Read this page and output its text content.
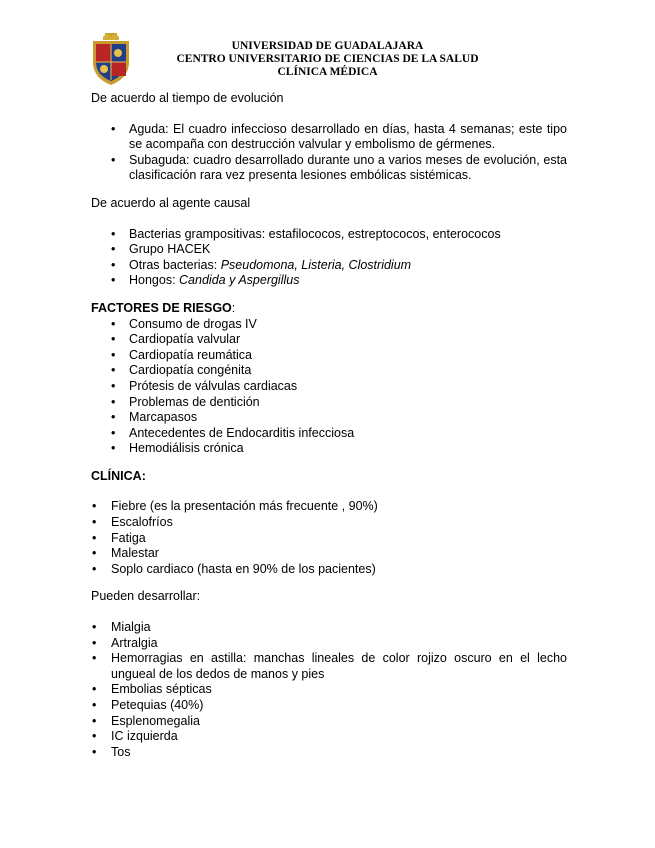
UNIVERSIDAD DE GUADALAJARA
CENTRO UNIVERSITARIO DE CIENCIAS DE LA SALUD
CLÍNICA MÉDICA

De acuerdo al tiempo de evolución

• Aguda: El cuadro infeccioso desarrollado en días, hasta 4 semanas; este tipo se acompaña con destrucción valvular y embolismo de gérmenes.
• Subaguda: cuadro desarrollado durante uno a varios meses de evolución, esta clasificación rara vez presenta lesiones embólicas sistémicas.

De acuerdo al agente causal

• Bacterias grampositivas: estafilococos, estreptococos, enterococos
• Grupo HACEK
• Otras bacterias: Pseudomona, Listeria, Clostridium
• Hongos: Candida y Aspergillus

FACTORES DE RIESGO:

• Consumo de drogas IV
• Cardiopatía valvular
• Cardiopatía reumática
• Cardiopatía congénita
• Prótesis de válvulas cardiacas
• Problemas de dentición
• Marcapasos
• Antecedentes de Endocarditis infecciosa
• Hemodiálisis crónica

CLÍNICA:

• Fiebre (es la presentación más frecuente , 90%)
• Escalofríos
• Fatiga
• Malestar
• Soplo cardiaco (hasta en 90% de los pacientes)

Pueden desarrollar:

• Mialgia
• Artralgia
• Hemorragias en astilla: manchas lineales de color rojizo oscuro en el lecho ungueal de los dedos de manos y pies
• Embolias sépticas
• Petequias (40%)
• Esplenomegalia
• IC izquierda
• Tos
